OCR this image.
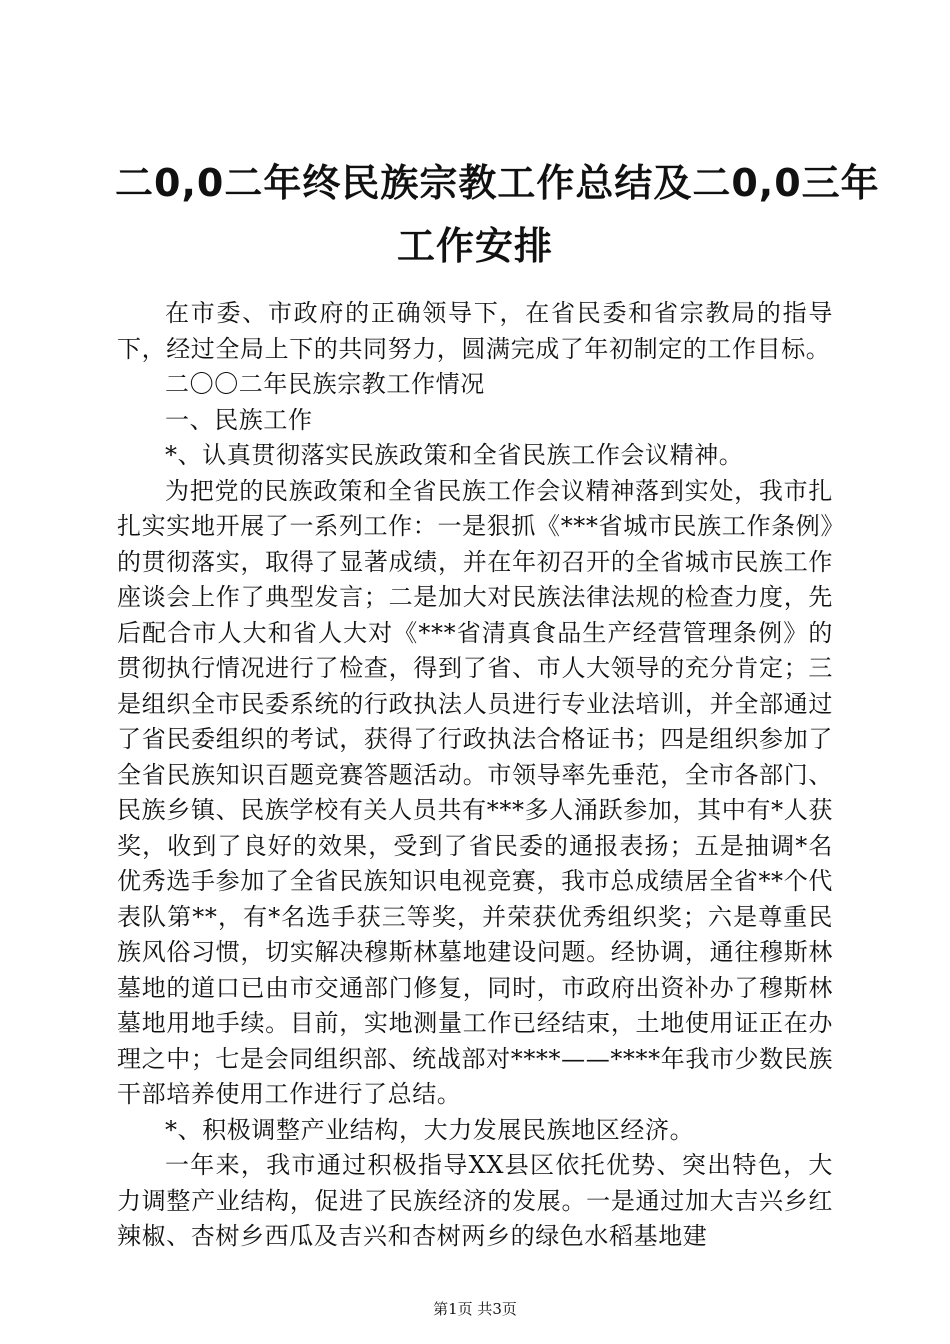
二0,0二年终民族宗教工作总结及二0,0三年
工作安排

在市委、市政府的正确领导下，在省民委和省宗教局的指导下，经过全局上下的共同努力，圆满完成了年初制定的工作目标。

二〇〇二年民族宗教工作情况

一、民族工作

*、认真贯彻落实民族政策和全省民族工作会议精神。

为把党的民族政策和全省民族工作会议精神落到实处，我市扎扎实实地开展了一系列工作：一是狠抓《***省城市民族工作条例》的贯彻落实，取得了显著成绩，并在年初召开的全省城市民族工作座谈会上作了典型发言；二是加大对民族法律法规的检查力度，先后配合市人大和省人大对《***省清真食品生产经营管理条例》的贯彻执行情况进行了检查，得到了省、市人大领导的充分肯定；三是组织全市民委系统的行政执法人员进行专业法培训，并全部通过了省民委组织的考试，获得了行政执法合格证书；四是组织参加了全省民族知识百题竞赛答题活动。市领导率先垂范，全市各部门、民族乡镇、民族学校有关人员共有***多人涌跃参加，其中有*人获奖，收到了良好的效果，受到了省民委的通报表扬；五是抽调*名优秀选手参加了全省民族知识电视竞赛，我市总成绩居全省**个代表队第**，有*名选手获三等奖，并荣获优秀组织奖；六是尊重民族风俗习惯，切实解决穆斯林墓地建设问题。经协调，通往穆斯林墓地的道口已由市交通部门修复，同时，市政府出资补办了穆斯林墓地用地手续。目前，实地测量工作已经结束，土地使用证正在办理之中；七是会同组织部、统战部对****——****年我市少数民族干部培养使用工作进行了总结。

*、积极调整产业结构，大力发展民族地区经济。

一年来，我市通过积极指导XX县区依托优势、突出特色，大力调整产业结构，促进了民族经济的发展。一是通过加大吉兴乡红辣椒、杏树乡西瓜及吉兴和杏树两乡的绿色水稻基地建

第1页 共3页
